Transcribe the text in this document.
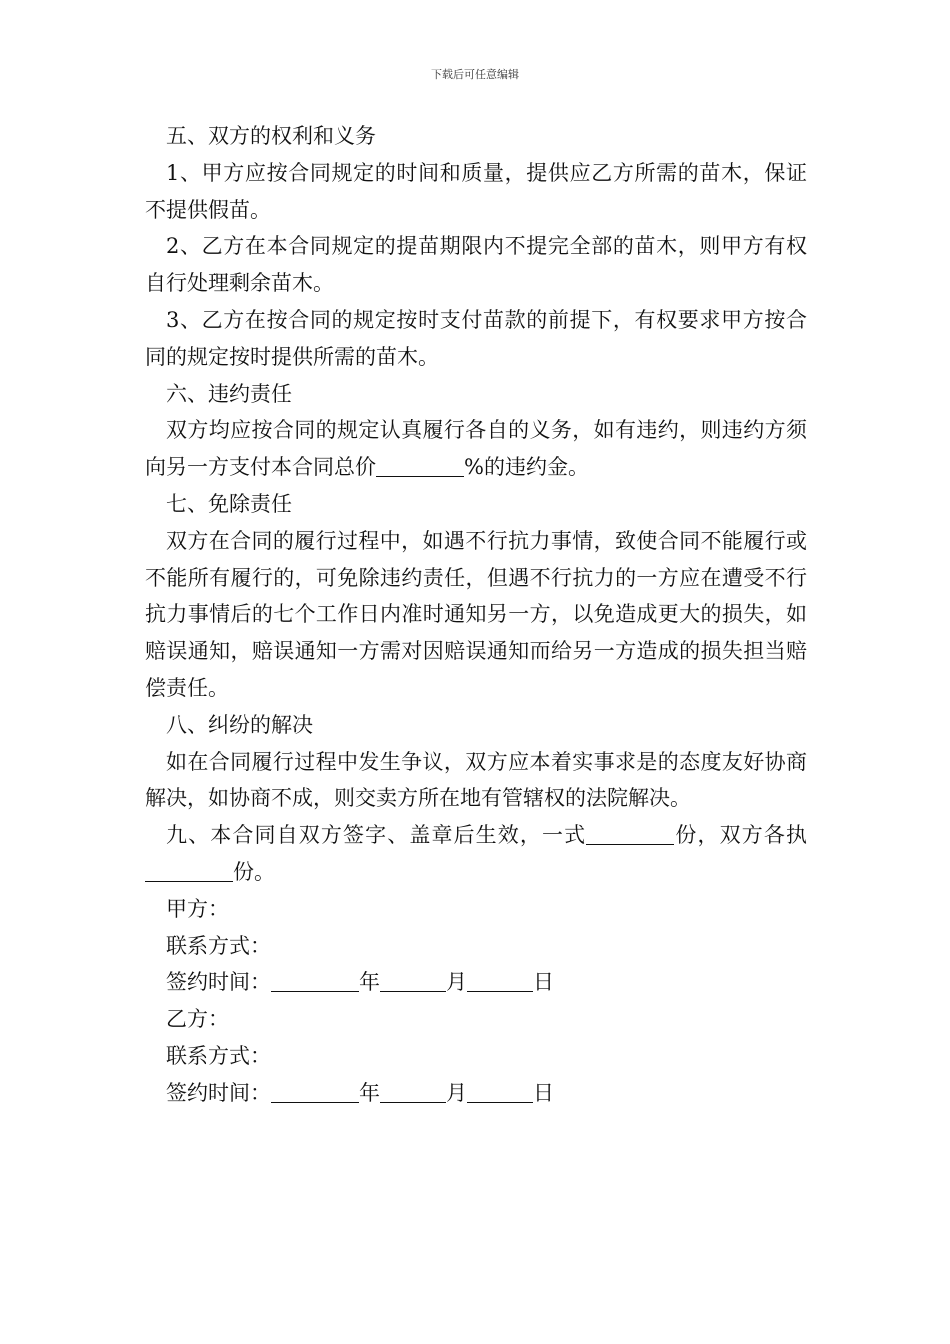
下载后可任意编辑

五、双方的权利和义务

1、甲方应按合同规定的时间和质量，提供应乙方所需的苗木，保证不提供假苗。

2、乙方在本合同规定的提苗期限内不提完全部的苗木，则甲方有权自行处理剩余苗木。

3、乙方在按合同的规定按时支付苗款的前提下，有权要求甲方按合同的规定按时提供所需的苗木。

六、违约责任

双方均应按合同的规定认真履行各自的义务，如有违约，则违约方须向另一方支付本合同总价	%的违约金。

七、免除责任

双方在合同的履行过程中，如遇不行抗力事情，致使合同不能履行或不能所有履行的，可免除违约责任，但遇不行抗力的一方应在遭受不行抗力事情后的七个工作日内准时通知另一方，以免造成更大的损失，如赔误通知，赔误通知一方需对因赔误通知而给另一方造成的损失担当赔偿责任。

八、纠纷的解决

如在合同履行过程中发生争议，双方应本着实事求是的态度友好协商解决，如协商不成，则交卖方所在地有管辖权的法院解决。

九、本合同自双方签字、盖章后生效，一式	份，双方各执份。

甲方：

联系方式：

签约时间：	年	月	日

乙方：

联系方式：

签约时间：	年	月	日
